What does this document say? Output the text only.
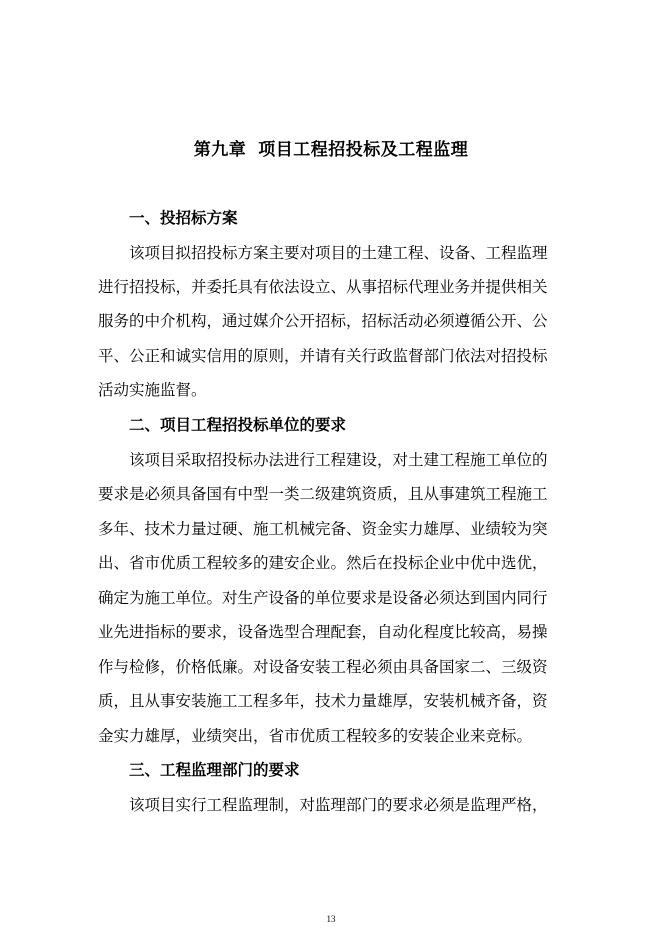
第九章 项目工程招投标及工程监理
一、投招标方案
该项目拟招投标方案主要对项目的土建工程、设备、工程监理
进行招投标，并委托具有依法设立、从事招标代理业务并提供相关
服务的中介机构，通过媒介公开招标，招标活动必须遵循公开、公
平、公正和诚实信用的原则，并请有关行政监督部门依法对招投标
活动实施监督。
二、项目工程招投标单位的要求
该项目采取招投标办法进行工程建设，对土建工程施工单位的
要求是必须具备国有中型一类二级建筑资质，且从事建筑工程施工
多年、技术力量过硬、施工机械完备、资金实力雄厚、业绩较为突
出、省市优质工程较多的建安企业。然后在投标企业中优中选优，
确定为施工单位。对生产设备的单位要求是设备必须达到国内同行
业先进指标的要求，设备选型合理配套，自动化程度比较高，易操
作与检修，价格低廉。对设备安装工程必须由具备国家二、三级资
质，且从事安装施工工程多年，技术力量雄厚，安装机械齐备，资
金实力雄厚，业绩突出，省市优质工程较多的安装企业来竞标。
三、工程监理部门的要求
该项目实行工程监理制，对监理部门的要求必须是监理严格，
13
